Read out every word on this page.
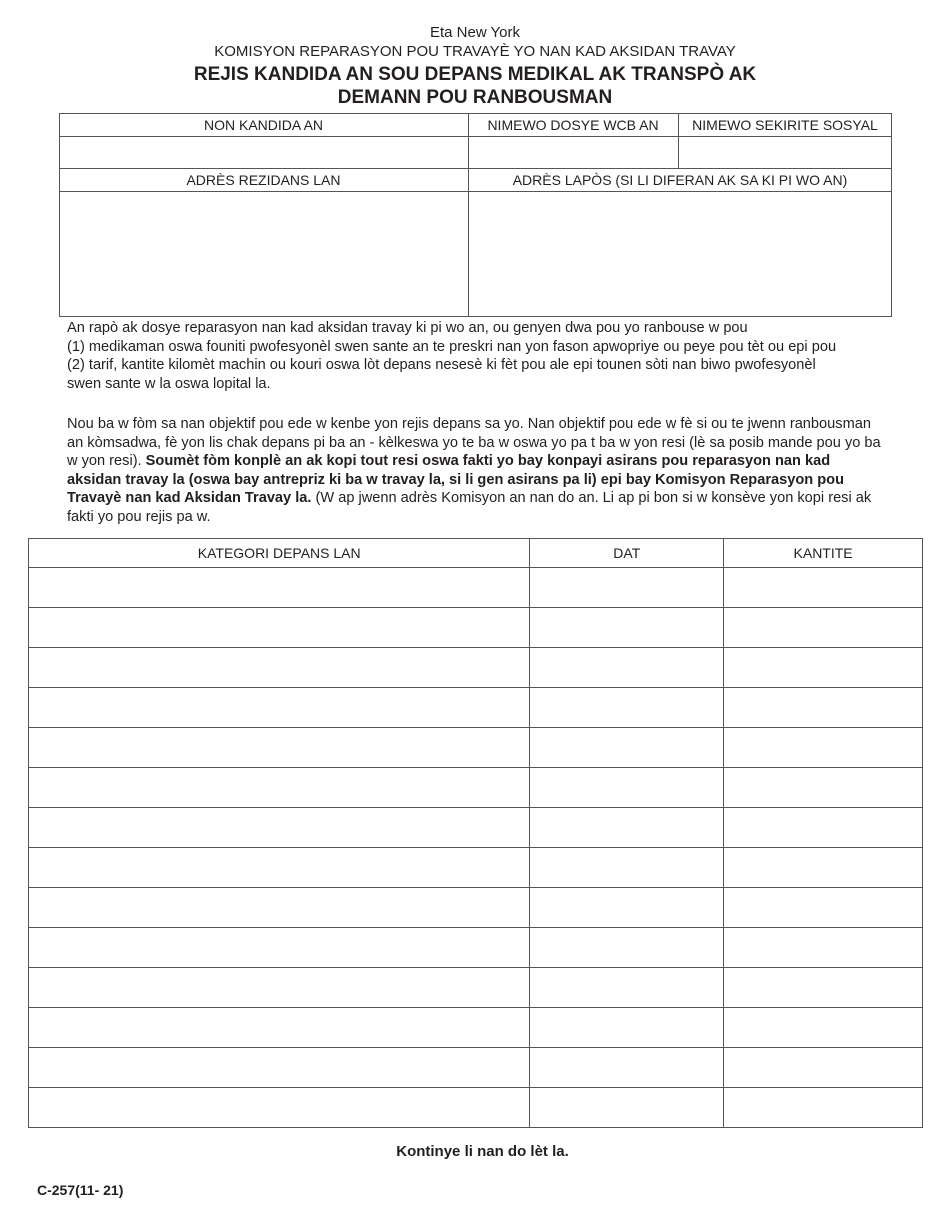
Eta New York
KOMISYON REPARASYON POU TRAVAYÈ YO NAN KAD AKSIDAN TRAVAY
REJIS KANDIDA AN SOU DEPANS MEDIKAL AK TRANSPÒ AK
DEMANN POU RANBOUSMAN
NON KANDIDA AN	NIMEWO DOSYE WCB AN	NIMEWO SEKIRITE SOSYAL
ADRÈS REZIDANS LAN	ADRÈS LAPÒS (SI LI DIFERAN AK SA KI PI WO AN)

An rapò ak dosye reparasyon nan kad aksidan travay ki pi wo an, ou genyen dwa pou yo ranbouse w pou

(1) medikaman oswa founiti pwofesyonèl swen sante an te preskri nan yon fason apwopriye ou peye pou tèt ou epi pou

(2) tarif, kantite kilomèt machin ou kouri oswa lòt depans nesesè ki fèt pou ale epi tounen sòti nan biwo pwofesyonèl

swen sante w la oswa lopital la.

Nou ba w fòm sa nan objektif pou ede w kenbe yon rejis depans sa yo. Nan objektif pou ede w fè si ou te jwenn ranbousman an kòmsadwa, fè yon lis chak depans pi ba an - kèlkeswa yo te ba w oswa yo pa t ba w yon resi (lè sa posib mande pou yo ba w yon resi). Soumèt fòm konplè an ak kopi tout resi oswa fakti yo bay konpayi asirans pou reparasyon nan kad aksidan travay la (oswa bay antrepriz ki ba w travay la, si li gen asirans pa li) epi bay Komisyon Reparasyon pou Travayè nan kad Aksidan Travay la. (W ap jwenn adrès Komisyon an nan do an. Li ap pi bon si w konsève yon kopi resi ak fakti yo pou rejis pa w.
KATEGORI DEPANS LAN	DAT	KANTITE

Kontinye li nan do lèt la.
C-257(11- 21)
